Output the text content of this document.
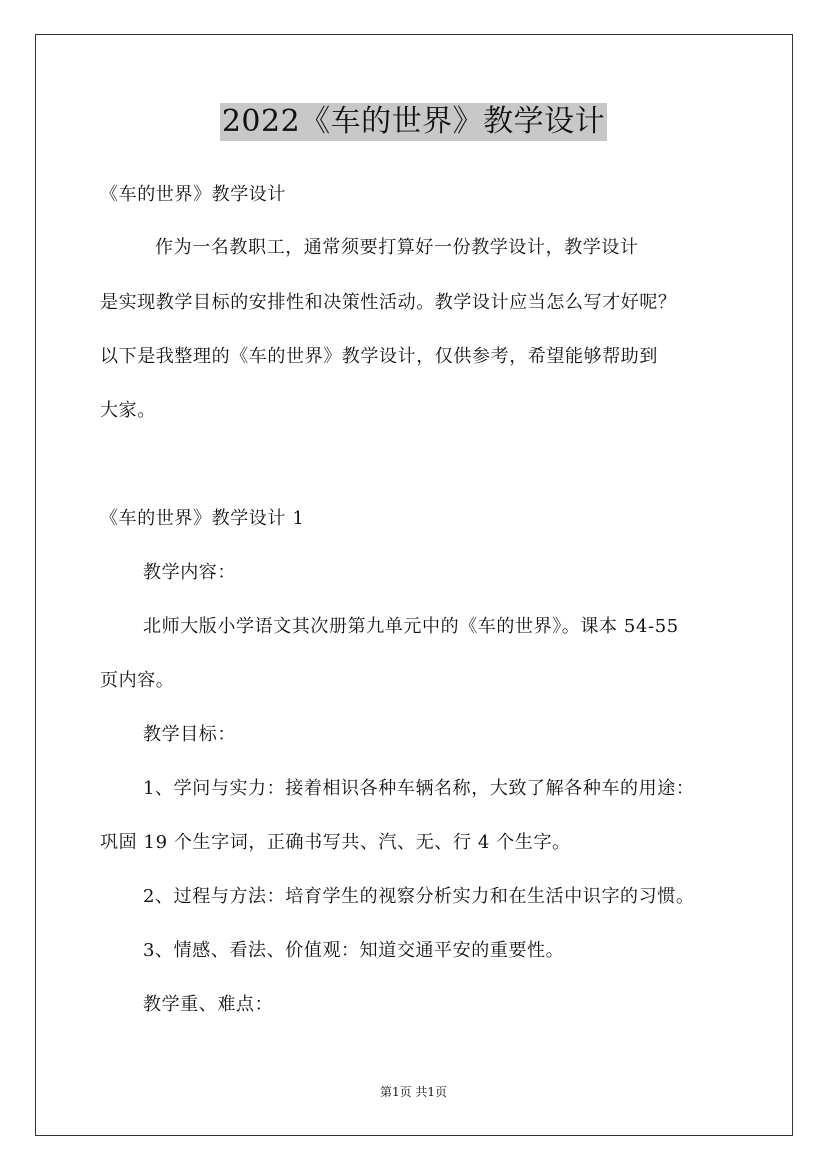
2022《车的世界》教学设计
《车的世界》教学设计
作为一名教职工，通常须要打算好一份教学设计，教学设计
是实现教学目标的安排性和决策性活动。教学设计应当怎么写才好呢？
以下是我整理的《车的世界》教学设计，仅供参考，希望能够帮助到
大家。
《车的世界》教学设计 1
教学内容：
北师大版小学语文其次册第九单元中的《车的世界》。课本 54-55
页内容。
教学目标：
1、学问与实力：接着相识各种车辆名称，大致了解各种车的用途：
巩固 19 个生字词，正确书写共、汽、无、行 4 个生字。
2、过程与方法：培育学生的视察分析实力和在生活中识字的习惯。
3、情感、看法、价值观：知道交通平安的重要性。
教学重、难点：
第1页 共1页
